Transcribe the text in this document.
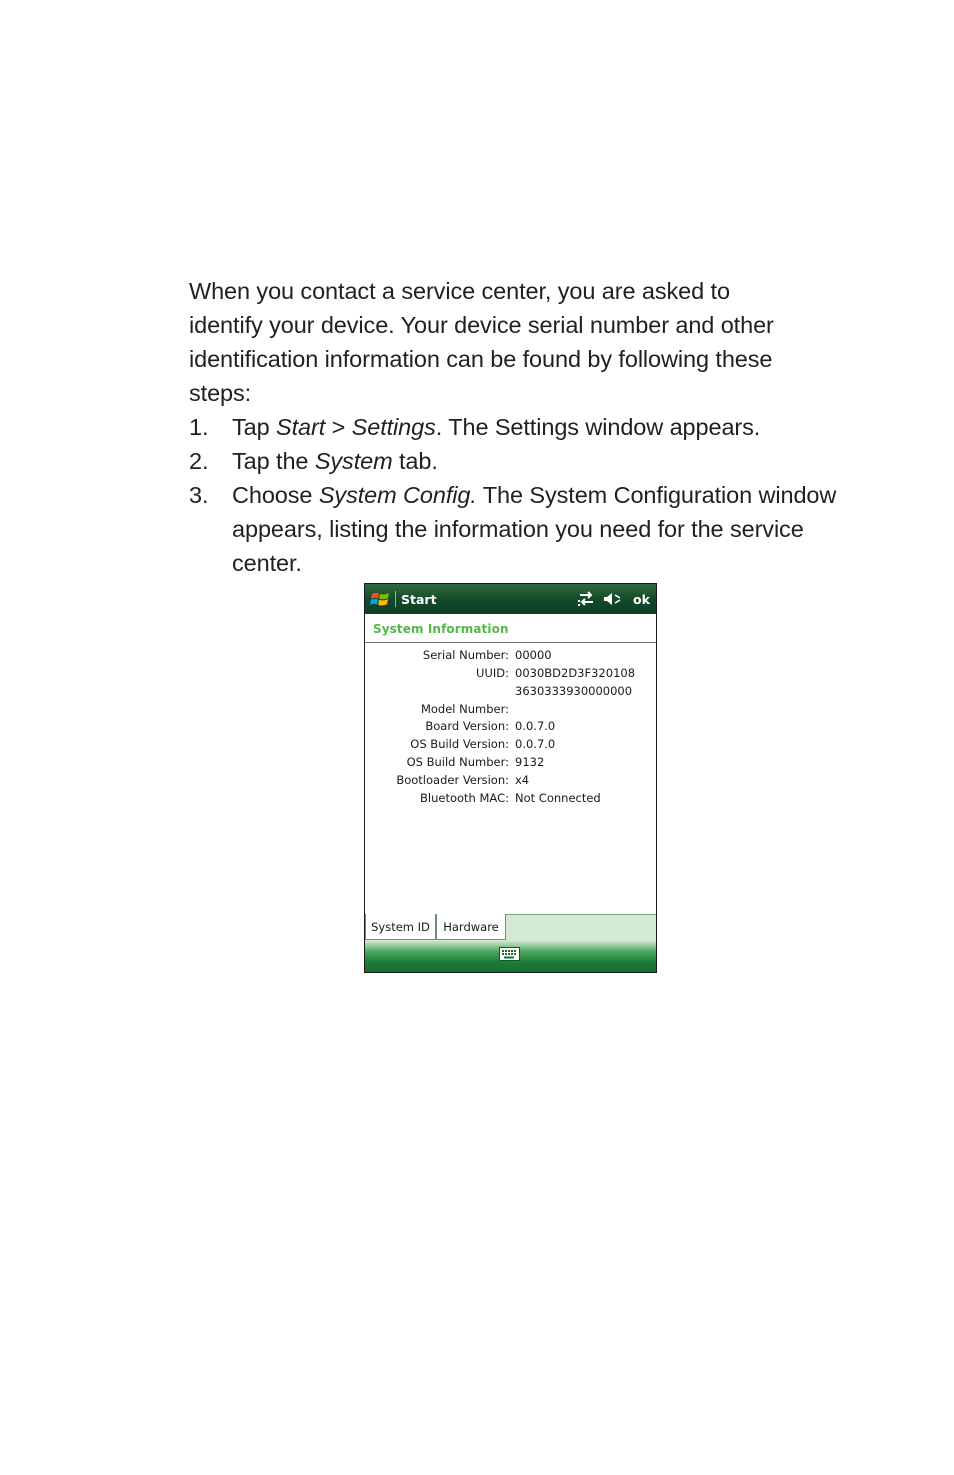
When you contact a service center, you are asked to
identify your device. Your device serial number and other
identification information can be found by following these
steps:

1.	Tap Start > Settings. The Settings window appears.
2.	Tap the System tab.
3.	Choose System Config. The System Configuration window
appears, listing the information you need for the service
center.
Start	ok
System Information
Serial Number: 00000
UUID: 0030BD2D3F320108
3630333930000000
Model Number:
Board Version: 0.0.7.0
OS Build Version: 0.0.7.0
OS Build Number: 9132
Bootloader Version: x4
Bluetooth MAC: Not Connected
System ID	Hardware
